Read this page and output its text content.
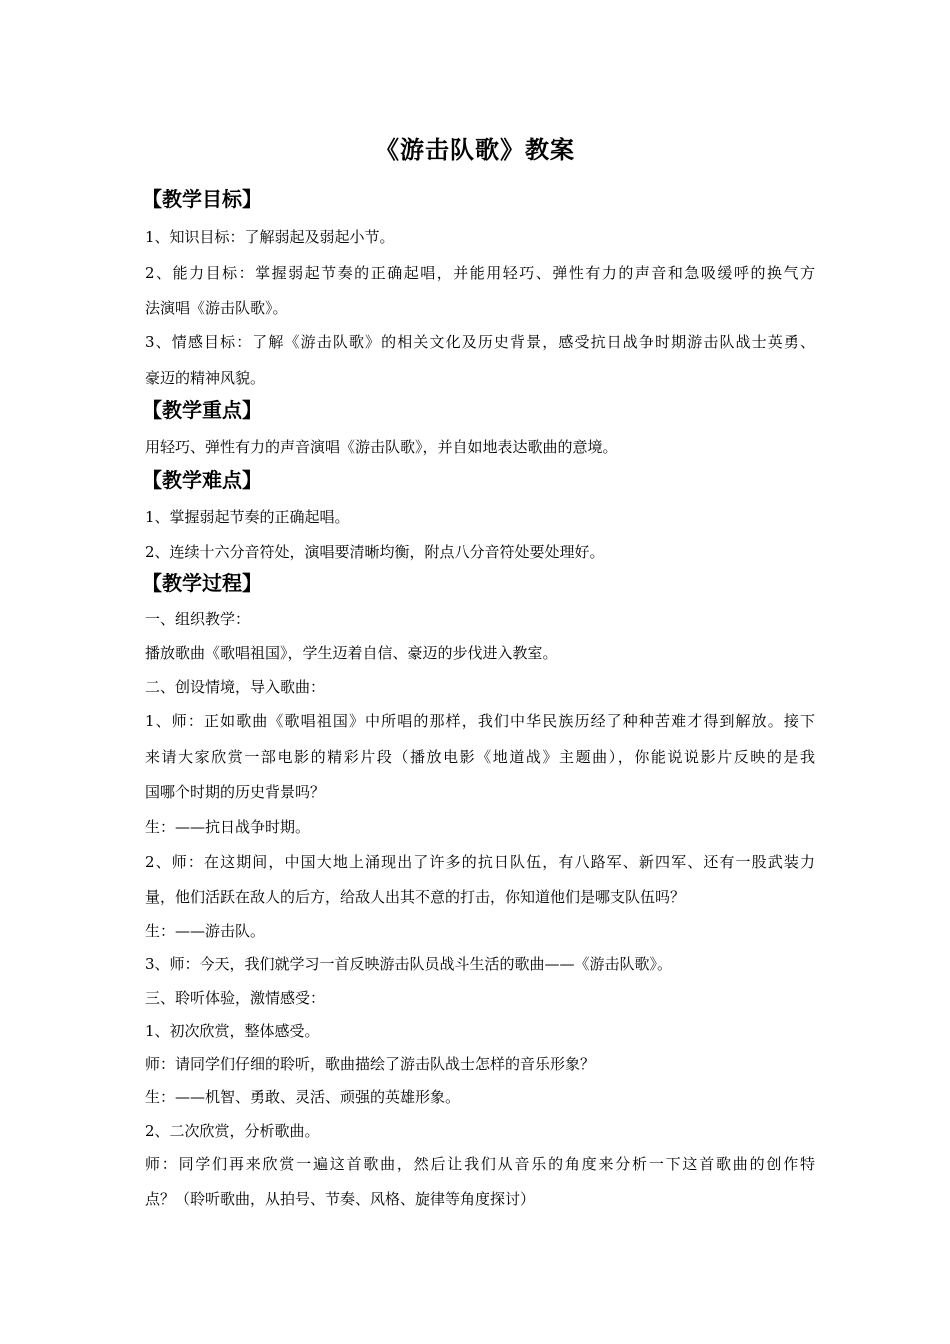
《游击队歌》教案
【教学目标】
1、知识目标：了解弱起及弱起小节。
2、能力目标：掌握弱起节奏的正确起唱，并能用轻巧、弹性有力的声音和急吸缓呼的换气方
法演唱《游击队歌》。
3、情感目标：了解《游击队歌》的相关文化及历史背景，感受抗日战争时期游击队战士英勇、
豪迈的精神风貌。
【教学重点】
用轻巧、弹性有力的声音演唱《游击队歌》，并自如地表达歌曲的意境。
【教学难点】
1、掌握弱起节奏的正确起唱。
2、连续十六分音符处，演唱要清晰均衡，附点八分音符处要处理好。
【教学过程】
一、组织教学：
播放歌曲《歌唱祖国》，学生迈着自信、豪迈的步伐进入教室。
二、创设情境，导入歌曲：
1、师：正如歌曲《歌唱祖国》中所唱的那样，我们中华民族历经了种种苦难才得到解放。接下
来请大家欣赏一部电影的精彩片段（播放电影《地道战》主题曲），你能说说影片反映的是我
国哪个时期的历史背景吗？
生：——抗日战争时期。
2、师：在这期间，中国大地上涌现出了许多的抗日队伍，有八路军、新四军、还有一股武装力
量，他们活跃在敌人的后方，给敌人出其不意的打击，你知道他们是哪支队伍吗？
生：——游击队。
3、师：今天，我们就学习一首反映游击队员战斗生活的歌曲——《游击队歌》。
三、聆听体验，激情感受：
1、初次欣赏，整体感受。
师：请同学们仔细的聆听，歌曲描绘了游击队战士怎样的音乐形象？
生：——机智、勇敢、灵活、顽强的英雄形象。
2、二次欣赏，分析歌曲。
师：同学们再来欣赏一遍这首歌曲，然后让我们从音乐的角度来分析一下这首歌曲的创作特
点？（聆听歌曲，从拍号、节奏、风格、旋律等角度探讨）
